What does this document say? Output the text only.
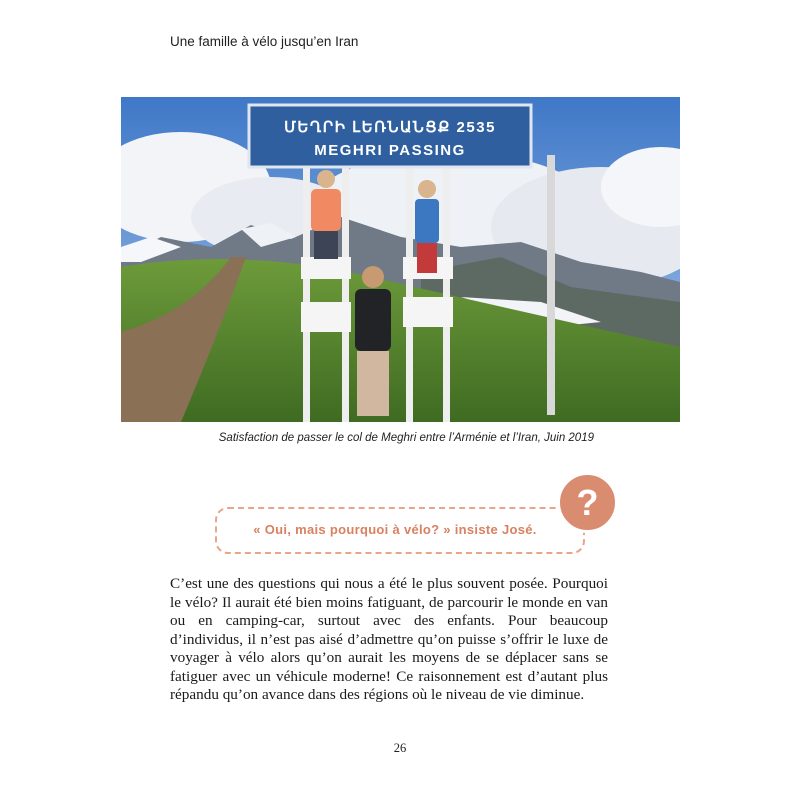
Une famille à vélo jusqu’en Iran
ՄԵՂՐԻ ԼԵՌՆԱՆՑՔ 2535
MEGHRI PASSING
Satisfaction de passer le col de Meghri entre l’Arménie et l’Iran, Juin 2019
« Oui, mais pourquoi à vélo? » insiste José.
?

C’est une des questions qui nous a été le plus souvent posée. Pourquoi le vélo? Il aurait été bien moins fatiguant, de parcourir le monde en van ou en camping-car, surtout avec des enfants. Pour beaucoup d’individus, il n’est pas aisé d’admettre qu’on puisse s’offrir le luxe de voyager à vélo alors qu’on aurait les moyens de se déplacer sans se fatiguer avec un véhicule moderne! Ce raisonnement est d’autant plus répandu qu’on avance dans des régions où le niveau de vie diminue.

26
